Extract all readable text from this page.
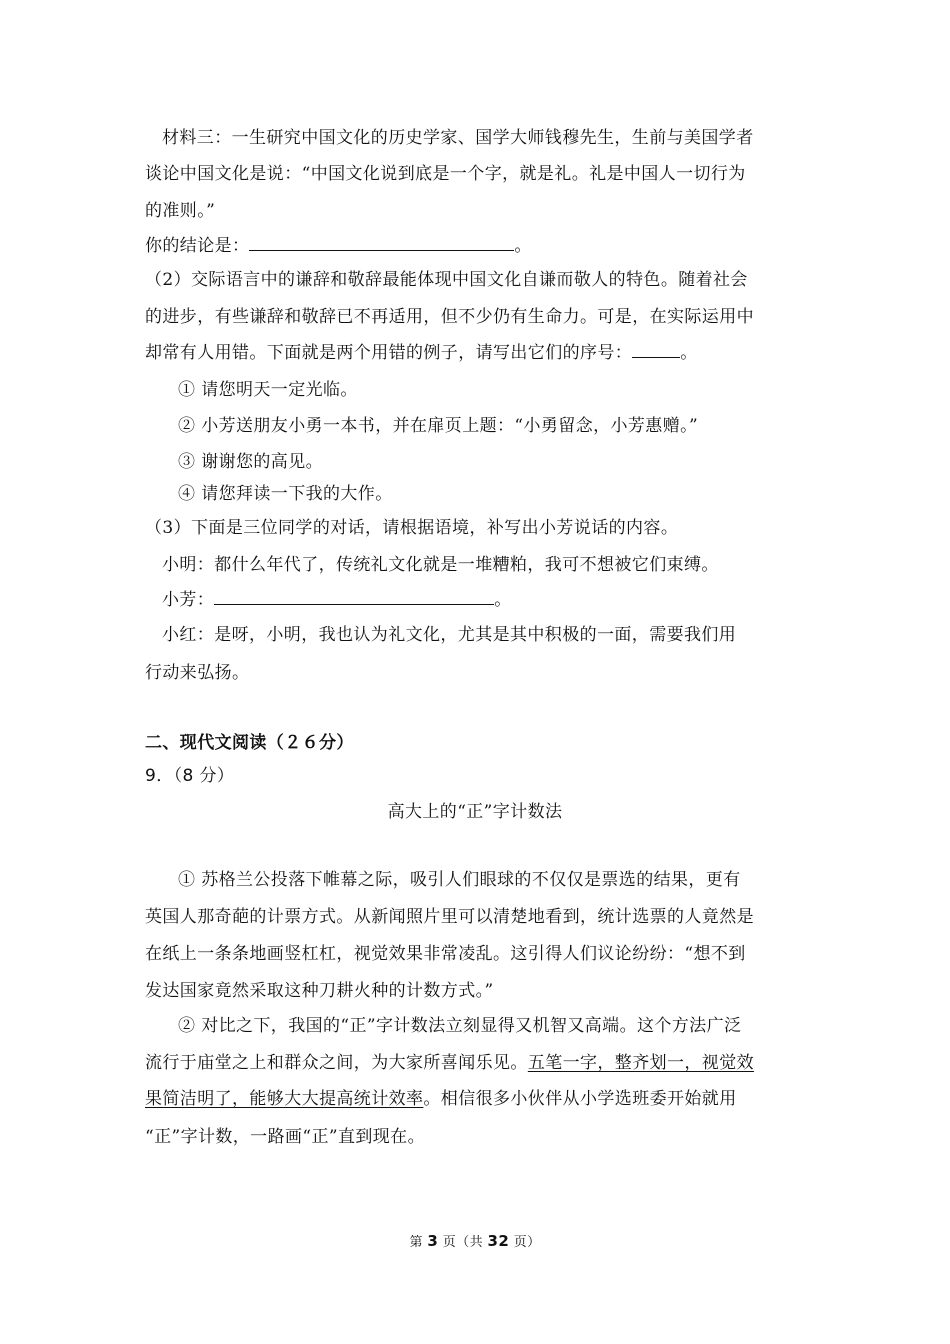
材料三：一生研究中国文化的历史学家、国学大师钱穆先生，生前与美国学者
谈论中国文化是说：“中国文化说到底是一个字，就是礼。礼是中国人一切行为
的准则。”
你的结论是：	。
（2）交际语言中的谦辞和敬辞最能体现中国文化自谦而敬人的特色。随着社会
的进步，有些谦辞和敬辞已不再适用，但不少仍有生命力。可是，在实际运用中
却常有人用错。下面就是两个用错的例子，请写出它们的序号：	。
① 请您明天一定光临。
② 小芳送朋友小勇一本书，并在扉页上题：“小勇留念，小芳惠赠。”
③ 谢谢您的高见。
④ 请您拜读一下我的大作。
（3）下面是三位同学的对话，请根据语境，补写出小芳说话的内容。
小明：都什么年代了，传统礼文化就是一堆糟粕，我可不想被它们束缚。
小芳：	。
小红：是呀，小明，我也认为礼文化，尤其是其中积极的一面，需要我们用
行动来弘扬。
二、现代文阅读（２６分）
9．（8 分）
高大上的“正”字计数法
① 苏格兰公投落下帷幕之际，吸引人们眼球的不仅仅是票选的结果，更有
英国人那奇葩的计票方式。从新闻照片里可以清楚地看到，统计选票的人竟然是
在纸上一条条地画竖杠杠，视觉效果非常凌乱。这引得人们议论纷纷：“想不到
发达国家竟然采取这种刀耕火种的计数方式。”
② 对比之下，我国的“正”字计数法立刻显得又机智又高端。这个方法广泛
流行于庙堂之上和群众之间，为大家所喜闻乐见。五笔一字，整齐划一，视觉效
果简洁明了，能够大大提高统计效率。相信很多小伙伴从小学选班委开始就用
“正”字计数，一路画“正”直到现在。
第 3 页（共 32 页）
